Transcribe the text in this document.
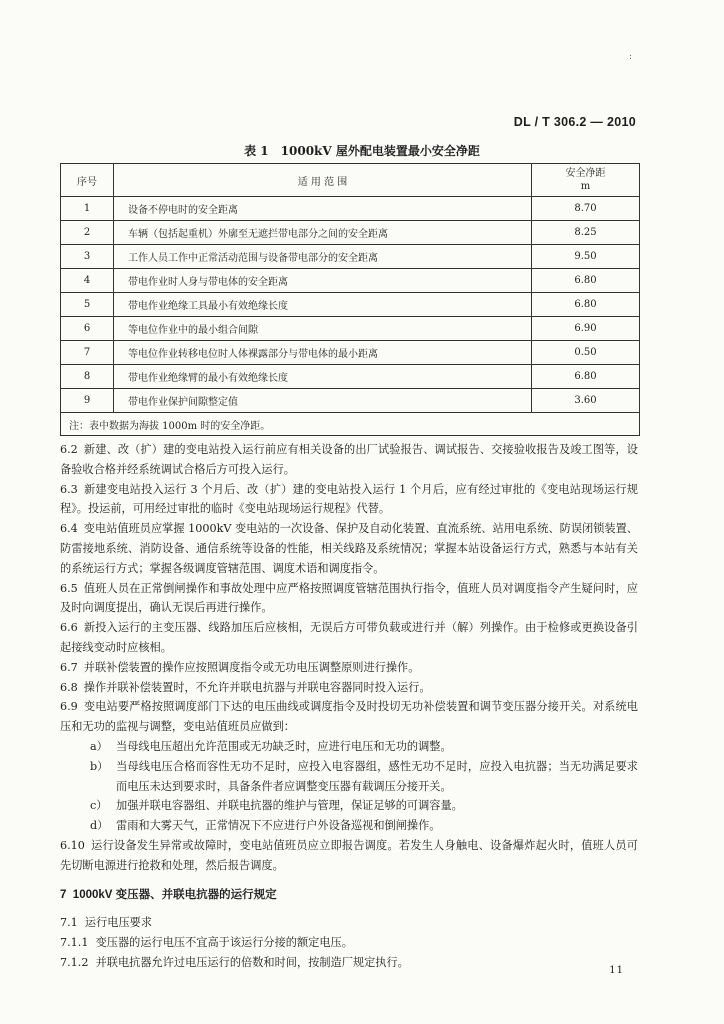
:
DL / T 306.2 — 2010
表 1　1000kV 屋外配电装置最小安全净距
序号	适 用 范 围	安全净距
m

1	设备不停电时的安全距离	8.70
2	车辆（包括起重机）外廓至无遮拦带电部分之间的安全距离	8.25
3	工作人员工作中正常活动范围与设备带电部分的安全距离	9.50
4	带电作业时人身与带电体的安全距离	6.80
5	带电作业绝缘工具最小有效绝缘长度	6.80
6	等电位作业中的最小组合间隙	6.90
7	等电位作业转移电位时人体裸露部分与带电体的最小距离	0.50
8	带电作业绝缘臂的最小有效绝缘长度	6.80
9	带电作业保护间隙整定值	3.60
注：表中数据为海拔 1000m 时的安全净距。		

6.2 新建、改（扩）建的变电站投入运行前应有相关设备的出厂试验报告、调试报告、交接验收报告及竣工图等，设备验收合格并经系统调试合格后方可投入运行。

6.3 新建变电站投入运行 3 个月后、改（扩）建的变电站投入运行 1 个月后，应有经过审批的《变电站现场运行规程》。投运前，可用经过审批的临时《变电站现场运行规程》代替。

6.4 变电站值班员应掌握 1000kV 变电站的一次设备、保护及自动化装置、直流系统、站用电系统、防误闭锁装置、防雷接地系统、消防设备、通信系统等设备的性能，相关线路及系统情况；掌握本站设备运行方式，熟悉与本站有关的系统运行方式；掌握各级调度管辖范围、调度术语和调度指令。

6.5 值班人员在正常倒闸操作和事故处理中应严格按照调度管辖范围执行指令，值班人员对调度指令产生疑问时，应及时向调度提出，确认无误后再进行操作。

6.6 新投入运行的主变压器、线路加压后应核相，无误后方可带负载或进行并（解）列操作。由于检修或更换设备引起接线变动时应核相。

6.7 并联补偿装置的操作应按照调度指令或无功电压调整原则进行操作。

6.8 操作并联补偿装置时，不允许并联电抗器与并联电容器同时投入运行。

6.9 变电站要严格按照调度部门下达的电压曲线或调度指令及时投切无功补偿装置和调节变压器分接开关。对系统电压和无功的监视与调整，变电站值班员应做到：

a） 当母线电压超出允许范围或无功缺乏时，应进行电压和无功的调整。

b） 当母线电压合格而容性无功不足时，应投入电容器组，感性无功不足时，应投入电抗器；当无功满足要求而电压未达到要求时，具备条件者应调整变压器有载调压分接开关。

c） 加强并联电容器组、并联电抗器的维护与管理，保证足够的可调容量。

d） 雷雨和大雾天气，正常情况下不应进行户外设备巡视和倒闸操作。

6.10 运行设备发生异常或故障时，变电站值班员应立即报告调度。若发生人身触电、设备爆炸起火时，值班人员可先切断电源进行抢救和处理，然后报告调度。

7 1000kV 变压器、并联电抗器的运行规定

7.1 运行电压要求

7.1.1 变压器的运行电压不宜高于该运行分接的额定电压。

7.1.2 并联电抗器允许过电压运行的倍数和时间，按制造厂规定执行。

11
